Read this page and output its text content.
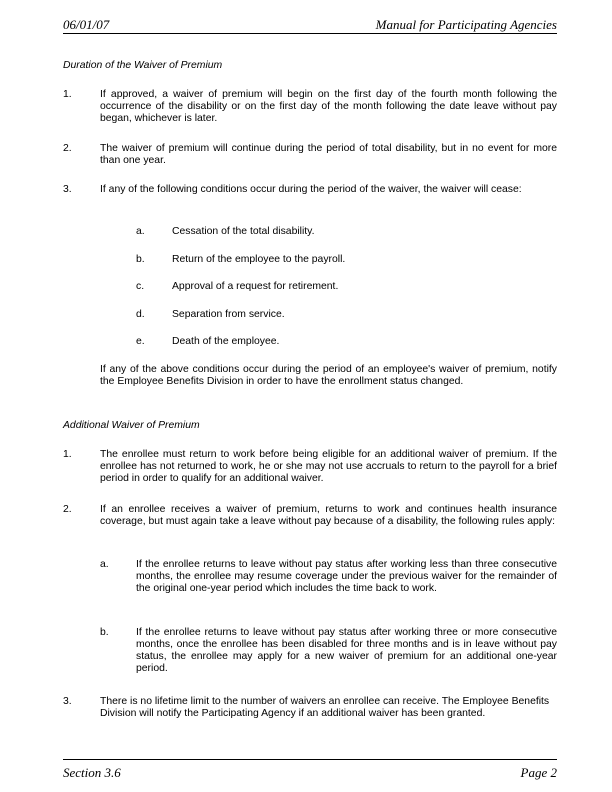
06/01/07	Manual for Participating Agencies
Duration of the Waiver of Premium
1.	If approved, a waiver of premium will begin on the first day of the fourth month following the occurrence of the disability or on the first day of the month following the date leave without pay began, whichever is later.
2.	The waiver of premium will continue during the period of total disability, but in no event for more than one year.
3.	If any of the following conditions occur during the period of the waiver, the waiver will cease:
a.	Cessation of the total disability.
b.	Return of the employee to the payroll.
c.	Approval of a request for retirement.
d.	Separation from service.
e.	Death of the employee.
If any of the above conditions occur during the period of an employee's waiver of premium, notify the Employee Benefits Division in order to have the enrollment status changed.
Additional Waiver of Premium
1.	The enrollee must return to work before being eligible for an additional waiver of premium. If the enrollee has not returned to work, he or she may not use accruals to return to the payroll for a brief period in order to qualify for an additional waiver.
2.	If an enrollee receives a waiver of premium, returns to work and continues health insurance coverage, but must again take a leave without pay because of a disability, the following rules apply:
a.	If the enrollee returns to leave without pay status after working less than three consecutive months, the enrollee may resume coverage under the previous waiver for the remainder of the original one-year period which includes the time back to work.
b.	If the enrollee returns to leave without pay status after working three or more consecutive months, once the enrollee has been disabled for three months and is in leave without pay status, the enrollee may apply for a new waiver of premium for an additional one-year period.
3.	There is no lifetime limit to the number of waivers an enrollee can receive. The Employee Benefits Division will notify the Participating Agency if an additional waiver has been granted.
Section 3.6	Page 2
